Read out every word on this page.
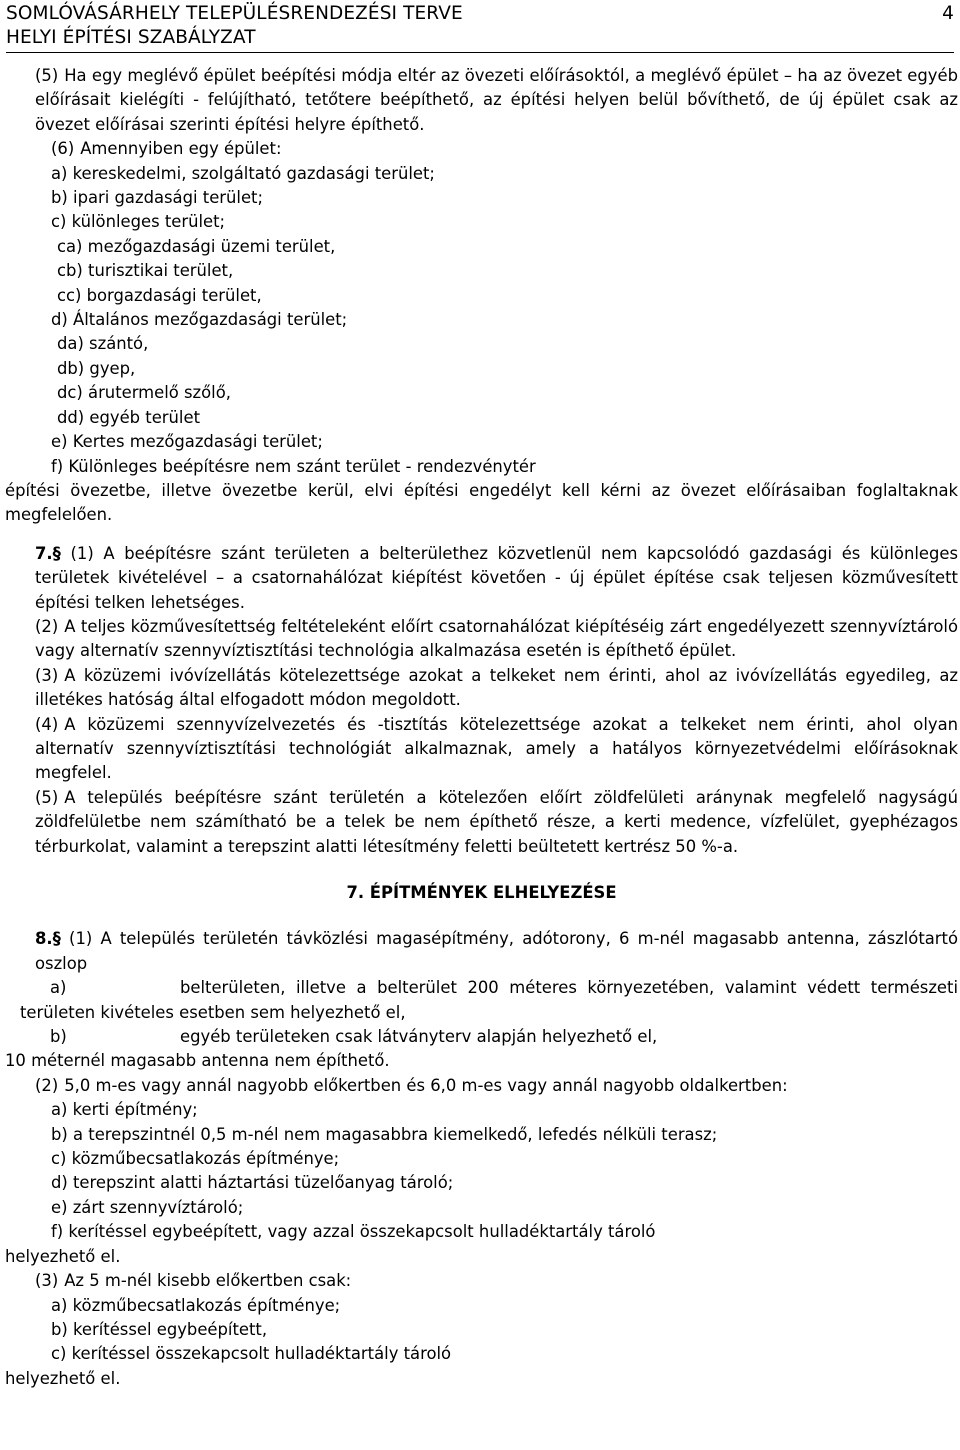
SOMLÓVÁSÁRHELY TELEPÜLÉSRENDEZÉSI TERVE
HELYI ÉPÍTÉSI SZABÁLYZAT
4

(5) Ha egy meglévő épület beépítési módja eltér az övezeti előírásoktól, a meglévő épület – ha az övezet egyéb előírásait kielégíti - felújítható, tetőtere beépíthető, az építési helyen belül bővíthető, de új épület csak az övezet előírásai szerinti építési helyre építhető.

(6) Amennyiben egy épület:

a) kereskedelmi, szolgáltató gazdasági terület;

b) ipari gazdasági terület;

c) különleges terület;

ca) mezőgazdasági üzemi terület,

cb) turisztikai terület,

cc) borgazdasági terület,

d) Általános mezőgazdasági terület;

da) szántó,

db) gyep,

dc) árutermelő szőlő,

dd) egyéb terület

e) Kertes mezőgazdasági terület;

f) Különleges beépítésre nem szánt terület - rendezvénytér

építési övezetbe, illetve övezetbe kerül, elvi építési engedélyt kell kérni az övezet előírásaiban foglaltaknak megfelelően.

7.§ (1) A beépítésre szánt területen a belterülethez közvetlenül nem kapcsolódó gazdasági és különleges területek kivételével – a csatornahálózat kiépítést követően - új épület építése csak teljesen közművesített építési telken lehetséges.

(2) A teljes közművesítettség feltételeként előírt csatornahálózat kiépítéséig zárt engedélyezett szennyvíztároló vagy alternatív szennyvíztisztítási technológia alkalmazása esetén is építhető épület.

(3) A közüzemi ivóvízellátás kötelezettsége azokat a telkeket nem érinti, ahol az ivóvízellátás egyedileg, az illetékes hatóság által elfogadott módon megoldott.

(4) A közüzemi szennyvízelvezetés és -tisztítás kötelezettsége azokat a telkeket nem érinti, ahol olyan alternatív szennyvíztisztítási technológiát alkalmaznak, amely a hatályos környezetvédelmi előírásoknak megfelel.

(5) A település beépítésre szánt területén a kötelezően előírt zöldfelületi aránynak megfelelő nagyságú zöldfelületbe nem számítható be a telek be nem építhető része, a kerti medence, vízfelület, gyephézagos térburkolat, valamint a terepszint alatti létesítmény feletti beültetett kertrész 50 %-a.

7. ÉPÍTMÉNYEK ELHELYEZÉSE

8.§ (1) A település területén távközlési magasépítmény, adótorony, 6 m-nél magasabb antenna, zászlótartó oszlop

a)	belterületen, illetve a belterület 200 méteres környezetében, valamint védett természeti területen kivételes esetben sem helyezhető el,

b)	egyéb területeken csak látványterv alapján helyezhető el,

10 méternél magasabb antenna nem építhető.

(2) 5,0 m-es vagy annál nagyobb előkertben és 6,0 m-es vagy annál nagyobb oldalkertben:

a) kerti építmény;

b) a terepszintnél 0,5 m-nél nem magasabbra kiemelkedő, lefedés nélküli terasz;

c) közműbecsatlakozás építménye;

d) terepszint alatti háztartási tüzelőanyag tároló;

e) zárt szennyvíztároló;

f) kerítéssel egybeépített, vagy azzal összekapcsolt hulladéktartály tároló

helyezhető el.

(3) Az 5 m-nél kisebb előkertben csak:

a) közműbecsatlakozás építménye;

b) kerítéssel egybeépített,

c) kerítéssel összekapcsolt hulladéktartály tároló

helyezhető el.
